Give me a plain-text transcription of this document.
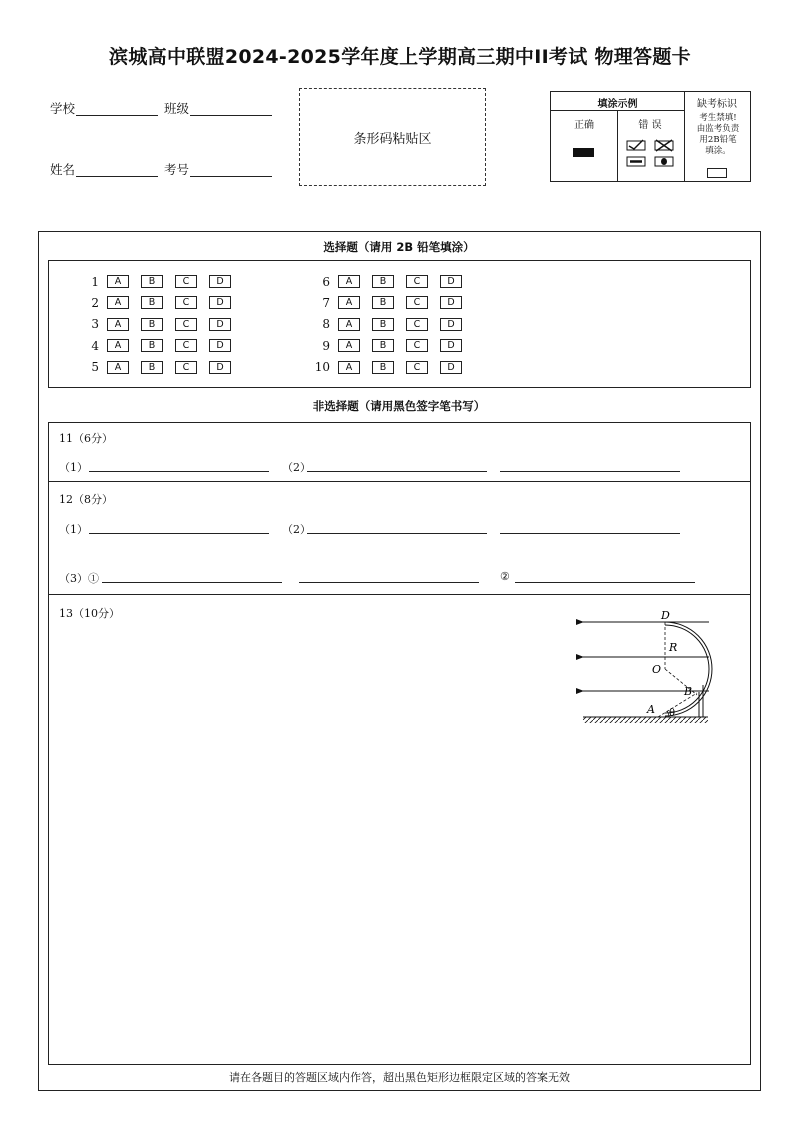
滨城高中联盟2024-2025学年度上学期高三期中II考试 物理答题卡
学校	班级
姓名	考号
条形码粘贴区
填涂示例
正确	错 误
缺考标识
考生禁填!
由监考负责
用2B铅笔
填涂。
选择题（请用 2B 铅笔填涂）
1	A	B	C	D
2	A	B	C	D
3	A	B	C	D
4	A	B	C	D
5	A	B	C	D
6	A	B	C	D
7	A	B	C	D
8	A	B	C	D
9	A	B	C	D
10	A	B	C	D
非选择题（请用黑色签字笔书写）
11（6分）
（1）	（2）
12（8分）
（1）	（2）
（3）①	②
13（10分）	D
R
O
B
A θ
请在各题目的答题区域内作答，超出黑色矩形边框限定区域的答案无效
